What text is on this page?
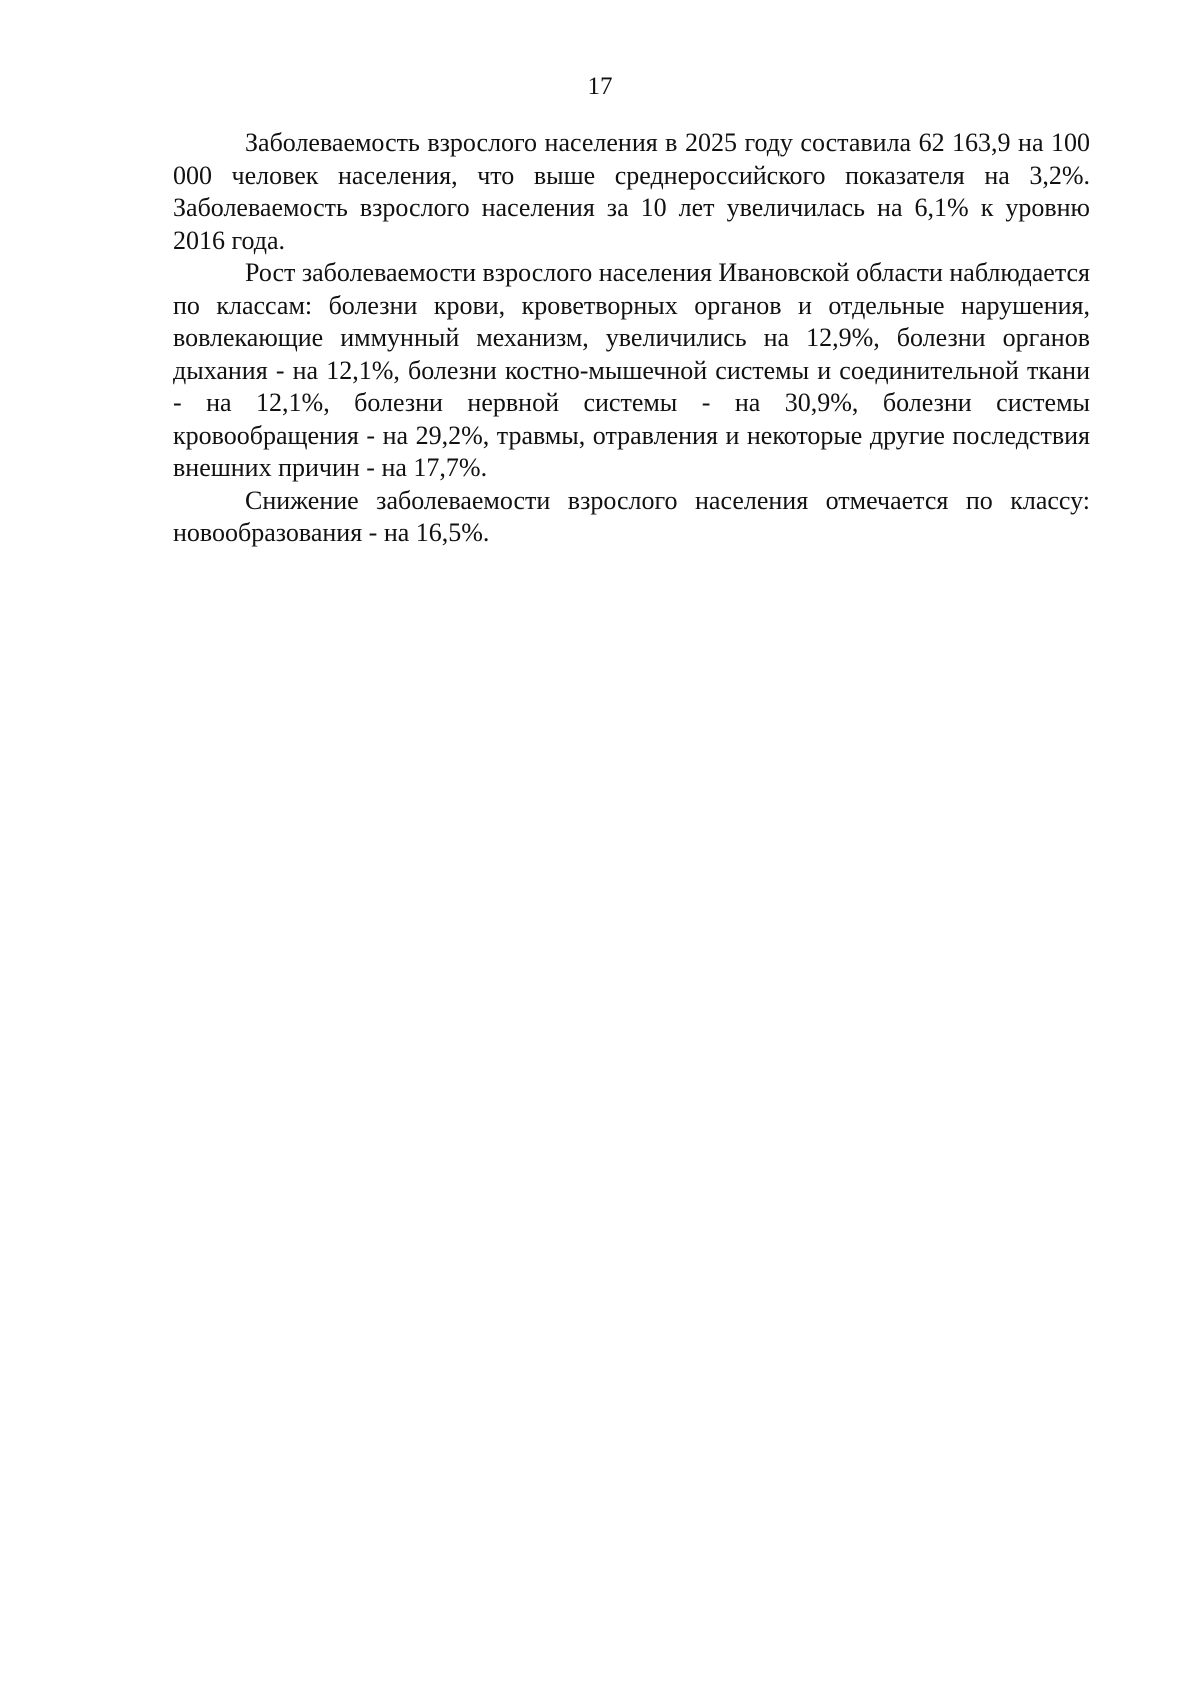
17

Заболеваемость взрослого населения в 2025 году составила 62 163,9 на 100 000 человек населения, что выше среднероссийского показателя на 3,2%. Заболеваемость взрослого населения за 10 лет увеличилась на 6,1% к уровню 2016 года.

Рост заболеваемости взрослого населения Ивановской области наблюдается по классам: болезни крови, кроветворных органов и отдельные нарушения, вовлекающие иммунный механизм, увеличились на 12,9%, болезни органов дыхания - на 12,1%, болезни костно-мышечной системы и соединительной ткани - на 12,1%, болезни нервной системы - на 30,9%, болезни системы кровообращения - на 29,2%, травмы, отравления и некоторые другие последствия внешних причин - на 17,7%.

Снижение заболеваемости взрослого населения отмечается по классу: новообразования - на 16,5%.
